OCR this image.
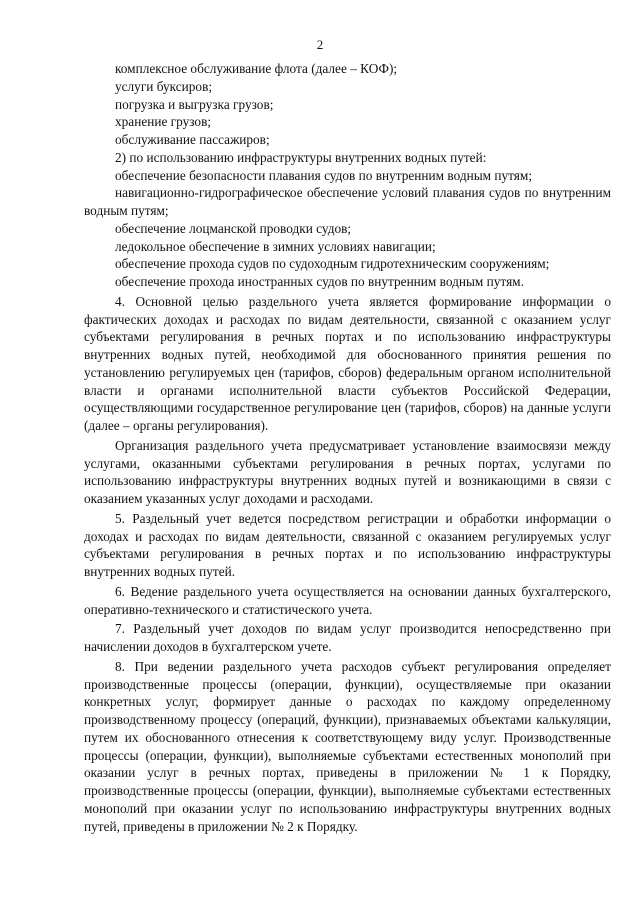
2

комплексное обслуживание флота (далее – КОФ);

услуги буксиров;

погрузка и выгрузка грузов;

хранение грузов;

обслуживание пассажиров;

2) по использованию инфраструктуры внутренних водных путей:

обеспечение безопасности плавания судов по внутренним водным путям;

навигационно-гидрографическое обеспечение условий плавания судов по внутренним водным путям;

обеспечение лоцманской проводки судов;

ледокольное обеспечение в зимних условиях навигации;

обеспечение прохода судов по судоходным гидротехническим сооружениям;

обеспечение прохода иностранных судов по внутренним водным путям.

4. Основной целью раздельного учета является формирование информации о фактических доходах и расходах по видам деятельности, связанной с оказанием услуг субъектами регулирования в речных портах и по использованию инфраструктуры внутренних водных путей, необходимой для обоснованного принятия решения по установлению регулируемых цен (тарифов, сборов) федеральным органом исполнительной власти и органами исполнительной власти субъектов Российской Федерации, осуществляющими государственное регулирование цен (тарифов, сборов) на данные услуги (далее – органы регулирования).

Организация раздельного учета предусматривает установление взаимосвязи между услугами, оказанными субъектами регулирования в речных портах, услугами по использованию инфраструктуры внутренних водных путей и возникающими в связи с оказанием указанных услуг доходами и расходами.

5. Раздельный учет ведется посредством регистрации и обработки информации о доходах и расходах по видам деятельности, связанной с оказанием регулируемых услуг субъектами регулирования в речных портах и по использованию инфраструктуры внутренних водных путей.

6. Ведение раздельного учета осуществляется на основании данных бухгалтерского, оперативно-технического и статистического учета.

7. Раздельный учет доходов по видам услуг производится непосредственно при начислении доходов в бухгалтерском учете.

8. При ведении раздельного учета расходов субъект регулирования определяет производственные процессы (операции, функции), осуществляемые при оказании конкретных услуг, формирует данные о расходах по каждому определенному производственному процессу (операций, функции), признаваемых объектами калькуляции, путем их обоснованного отнесения к соответствующему виду услуг. Производственные процессы (операции, функции), выполняемые субъектами естественных монополий при оказании услуг в речных портах, приведены в приложении № 1 к Порядку, производственные процессы (операции, функции), выполняемые субъектами естественных монополий при оказании услуг по использованию инфраструктуры внутренних водных путей, приведены в приложении № 2 к Порядку.
